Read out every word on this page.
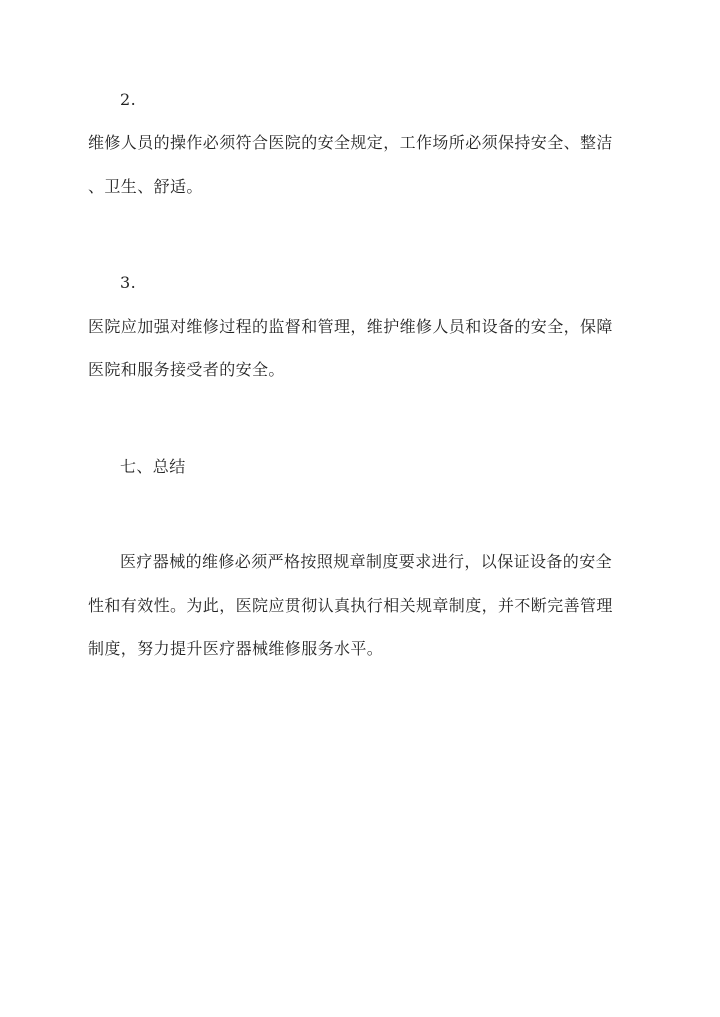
2.
维修人员的操作必须符合医院的安全规定，工作场所必须保持安全、整洁
、卫生、舒适。
3.
医院应加强对维修过程的监督和管理，维护维修人员和设备的安全，保障
医院和服务接受者的安全。
七、总结
医疗器械的维修必须严格按照规章制度要求进行，以保证设备的安全
性和有效性。为此，医院应贯彻认真执行相关规章制度，并不断完善管理
制度，努力提升医疗器械维修服务水平。
